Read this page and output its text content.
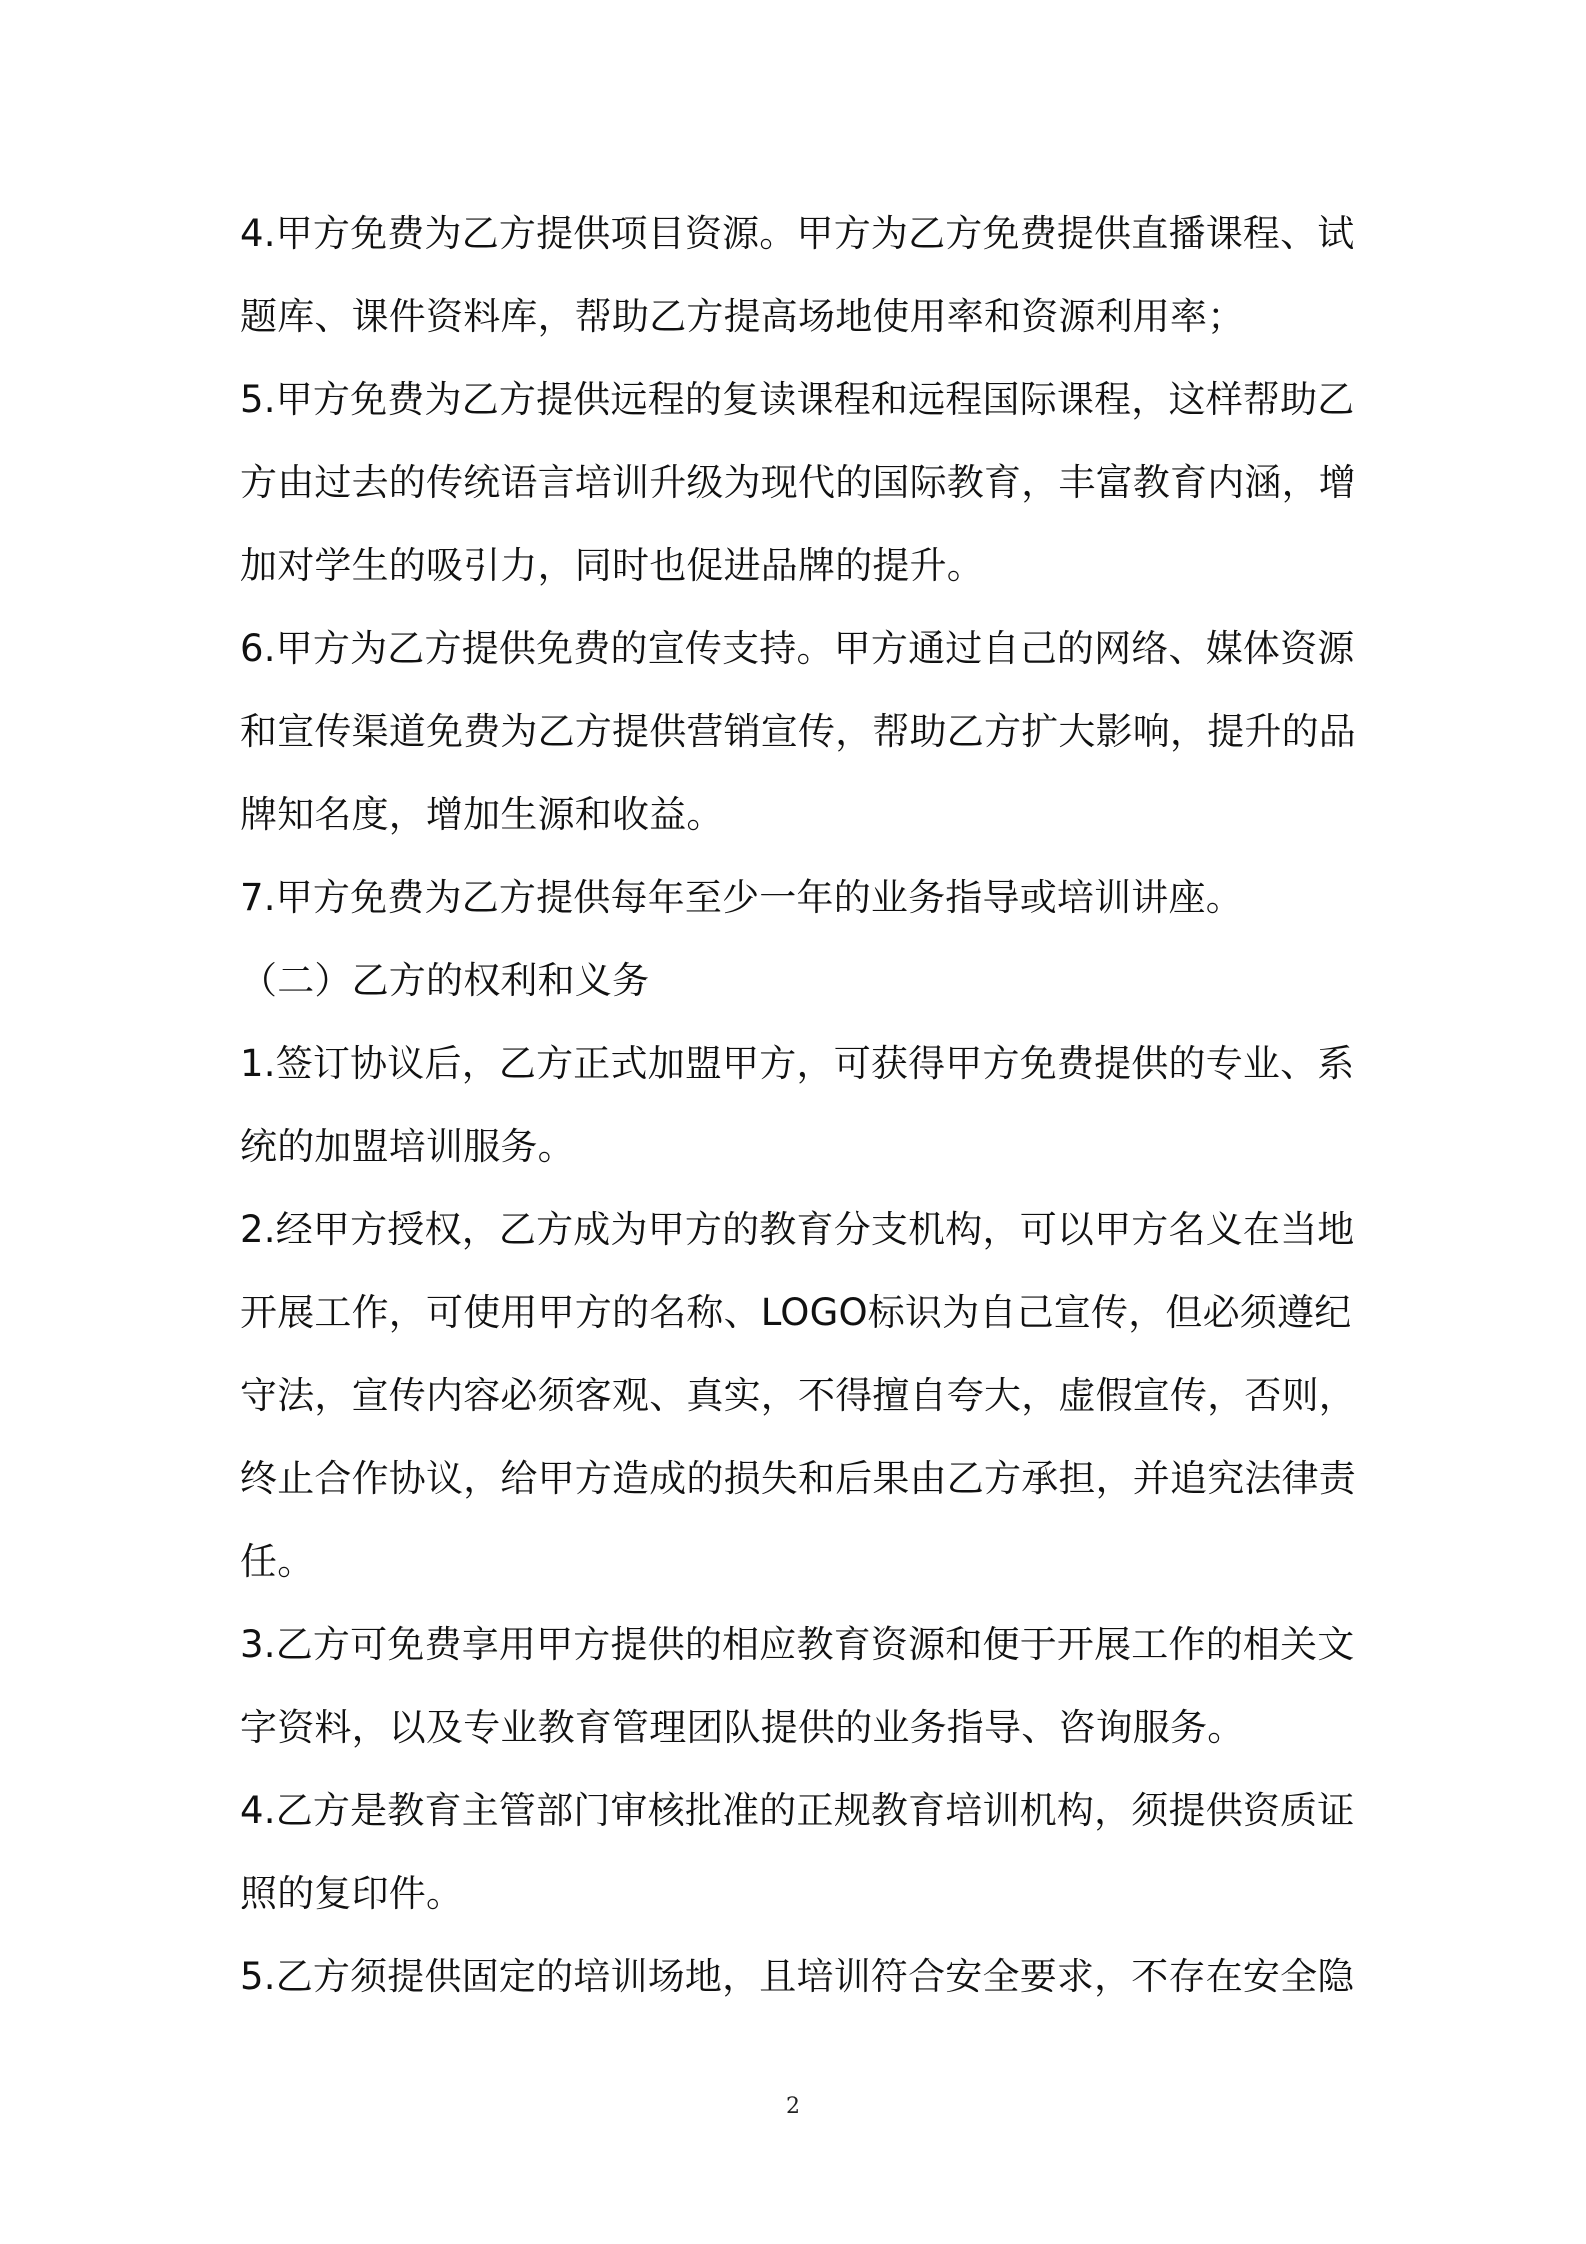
4.甲方免费为乙方提供项目资源。甲方为乙方免费提供直播课程、试题库、课件资料库，帮助乙方提高场地使用率和资源利用率；

5.甲方免费为乙方提供远程的复读课程和远程国际课程，这样帮助乙方由过去的传统语言培训升级为现代的国际教育，丰富教育内涵，增加对学生的吸引力，同时也促进品牌的提升。

6.甲方为乙方提供免费的宣传支持。甲方通过自己的网络、媒体资源和宣传渠道免费为乙方提供营销宣传，帮助乙方扩大影响，提升的品牌知名度，增加生源和收益。

7.甲方免费为乙方提供每年至少一年的业务指导或培训讲座。

（二）乙方的权利和义务

1.签订协议后，乙方正式加盟甲方，可获得甲方免费提供的专业、系统的加盟培训服务。

2.经甲方授权，乙方成为甲方的教育分支机构，可以甲方名义在当地开展工作，可使用甲方的名称、LOGO标识为自己宣传，但必须遵纪守法，宣传内容必须客观、真实，不得擅自夸大，虚假宣传，否则，终止合作协议，给甲方造成的损失和后果由乙方承担，并追究法律责任。

3.乙方可免费享用甲方提供的相应教育资源和便于开展工作的相关文字资料，以及专业教育管理团队提供的业务指导、咨询服务。

4.乙方是教育主管部门审核批准的正规教育培训机构，须提供资质证照的复印件。

5.乙方须提供固定的培训场地，且培训符合安全要求，不存在安全隐

2
